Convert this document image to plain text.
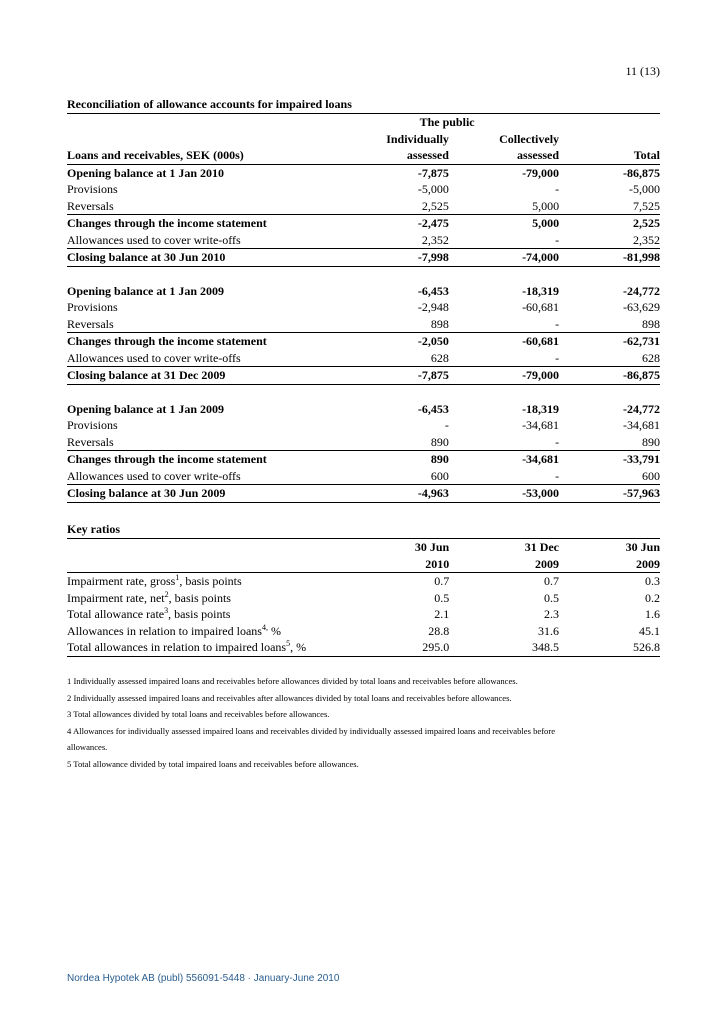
11 (13)
Reconciliation of allowance accounts for impaired loans
	The public		
	Individually	Collectively	
Loans and receivables, SEK (000s)	assessed	assessed	Total
Opening balance at 1 Jan 2010	-7,875	-79,000	-86,875
Provisions	-5,000	-	-5,000
Reversals	2,525	5,000	7,525
Changes through the income statement	-2,475	5,000	2,525
Allowances used to cover write-offs	2,352	-	2,352
Closing balance at 30 Jun 2010	-7,998	-74,000	-81,998

Opening balance at 1 Jan 2009	-6,453	-18,319	-24,772
Provisions	-2,948	-60,681	-63,629
Reversals	898	-	898
Changes through the income statement	-2,050	-60,681	-62,731
Allowances used to cover write-offs	628	-	628
Closing balance at 31 Dec 2009	-7,875	-79,000	-86,875

Opening balance at 1 Jan 2009	-6,453	-18,319	-24,772
Provisions	-	-34,681	-34,681
Reversals	890	-	890
Changes through the income statement	890	-34,681	-33,791
Allowances used to cover write-offs	600	-	600
Closing balance at 30 Jun 2009	-4,963	-53,000	-57,963
Key ratios
	30 Jun	31 Dec	30 Jun
	2010	2009	2009
Impairment rate, gross$^1$, basis points	0.7	0.7	0.3
Impairment rate, net$^2$, basis points	0.5	0.5	0.2
Total allowance rate$^3$, basis points	2.1	2.3	1.6
Allowances in relation to impaired loans$^{4,}$ %	28.8	31.6	45.1
Total allowances in relation to impaired loans$^5$, %	295.0	348.5	526.8
1 Individually assessed impaired loans and receivables before allowances divided by total loans and receivables before allowances.
2 Individually assessed impaired loans and receivables after allowances divided by total loans and receivables before allowances.
3 Total allowances divided by total loans and receivables before allowances.
4 Allowances for individually assessed impaired loans and receivables divided by individually assessed impaired loans and receivables before
allowances.
5 Total allowance divided by total impaired loans and receivables before allowances.
Nordea Hypotek AB (publ) 556091-5448 · January-June 2010
